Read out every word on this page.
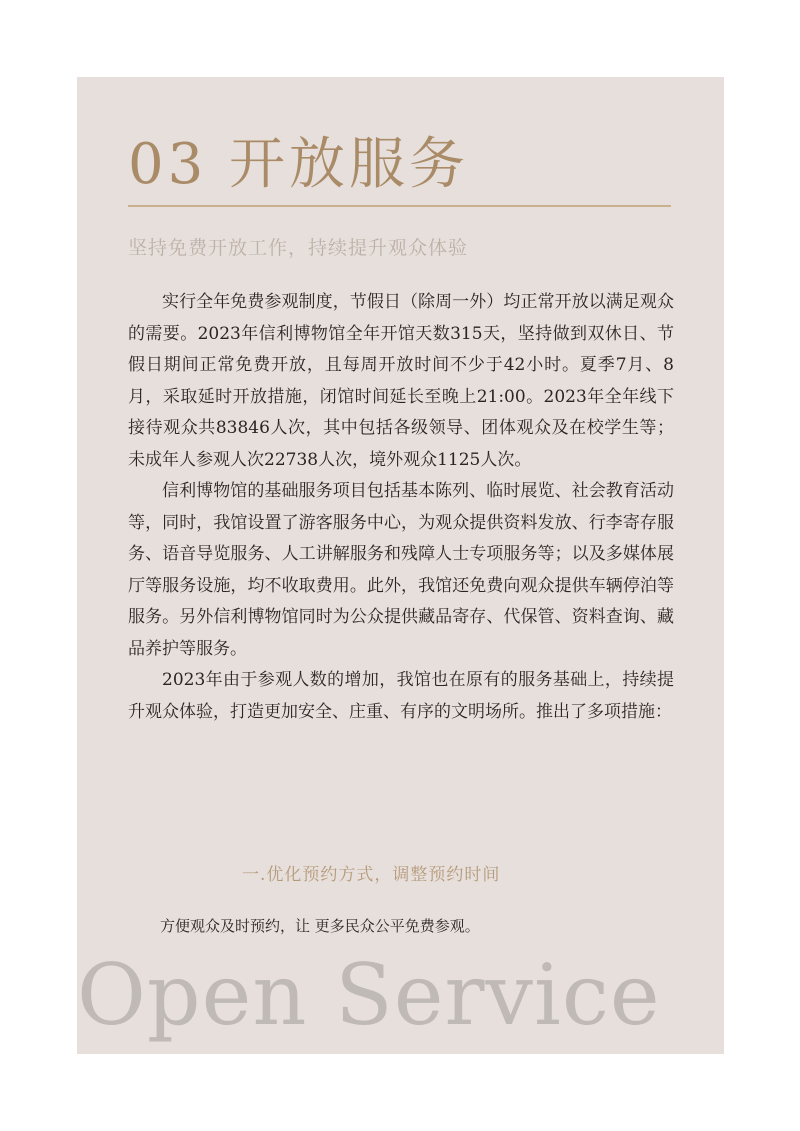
03 开放服务
坚持免费开放工作，持续提升观众体验

实行全年免费参观制度，节假日（除周一外）均正常开放以满足观众的需要。2023年信利博物馆全年开馆天数315天，坚持做到双休日、节假日期间正常免费开放，且每周开放时间不少于42小时。夏季7月、8月，采取延时开放措施，闭馆时间延长至晚上21:00。2023年全年线下接待观众共83846人次，其中包括各级领导、团体观众及在校学生等；未成年人参观人次22738人次，境外观众1125人次。

信利博物馆的基础服务项目包括基本陈列、临时展览、社会教育活动等，同时，我馆设置了游客服务中心，为观众提供资料发放、行李寄存服务、语音导览服务、人工讲解服务和残障人士专项服务等；以及多媒体展厅等服务设施，均不收取费用。此外，我馆还免费向观众提供车辆停泊等服务。另外信利博物馆同时为公众提供藏品寄存、代保管、资料查询、藏品养护等服务。

2023年由于参观人数的增加，我馆也在原有的服务基础上，持续提升观众体验，打造更加安全、庄重、有序的文明场所。推出了多项措施：

一.优化预约方式，调整预约时间
方便观众及时预约，让 更多民众公平免费参观。
Open Service
